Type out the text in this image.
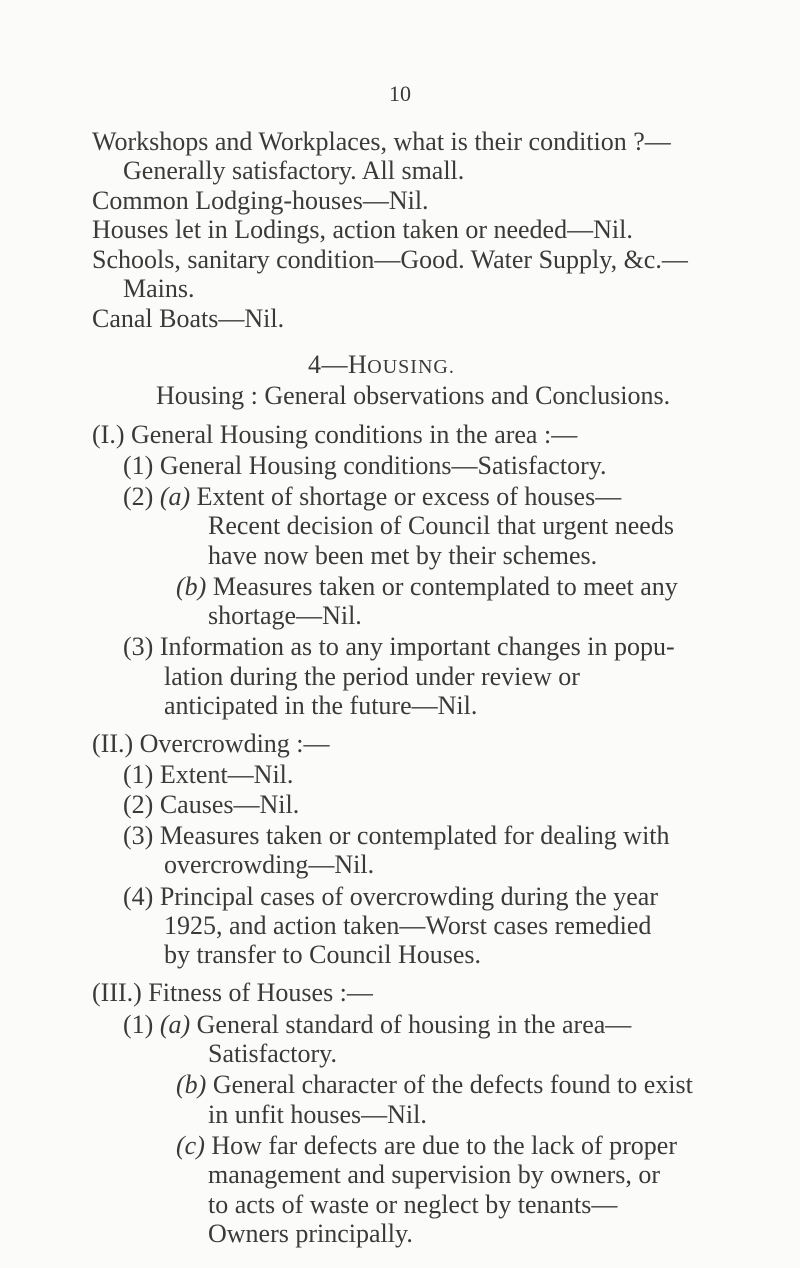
10
Workshops and Workplaces, what is their condition ?—
Generally satisfactory. All small.
Common Lodging-houses—Nil.
Houses let in Lodings, action taken or needed—Nil.
Schools, sanitary condition—Good. Water Supply, &c.—
Mains.
Canal Boats—Nil.
4—HOUSING.
Housing : General observations and Conclusions.
(I.) General Housing conditions in the area :—
(1) General Housing conditions—Satisfactory.
(2) (a) Extent of shortage or excess of houses—
Recent decision of Council that urgent needs
have now been met by their schemes.
(b) Measures taken or contemplated to meet any
shortage—Nil.
(3) Information as to any important changes in popu-
lation during the period under review or
anticipated in the future—Nil.
(II.) Overcrowding :—
(1) Extent—Nil.
(2) Causes—Nil.
(3) Measures taken or contemplated for dealing with
overcrowding—Nil.
(4) Principal cases of overcrowding during the year
1925, and action taken—Worst cases remedied
by transfer to Council Houses.
(III.) Fitness of Houses :—
(1) (a) General standard of housing in the area—
Satisfactory.
(b) General character of the defects found to exist
in unfit houses—Nil.
(c) How far defects are due to the lack of proper
management and supervision by owners, or
to acts of waste or neglect by tenants—
Owners principally.
